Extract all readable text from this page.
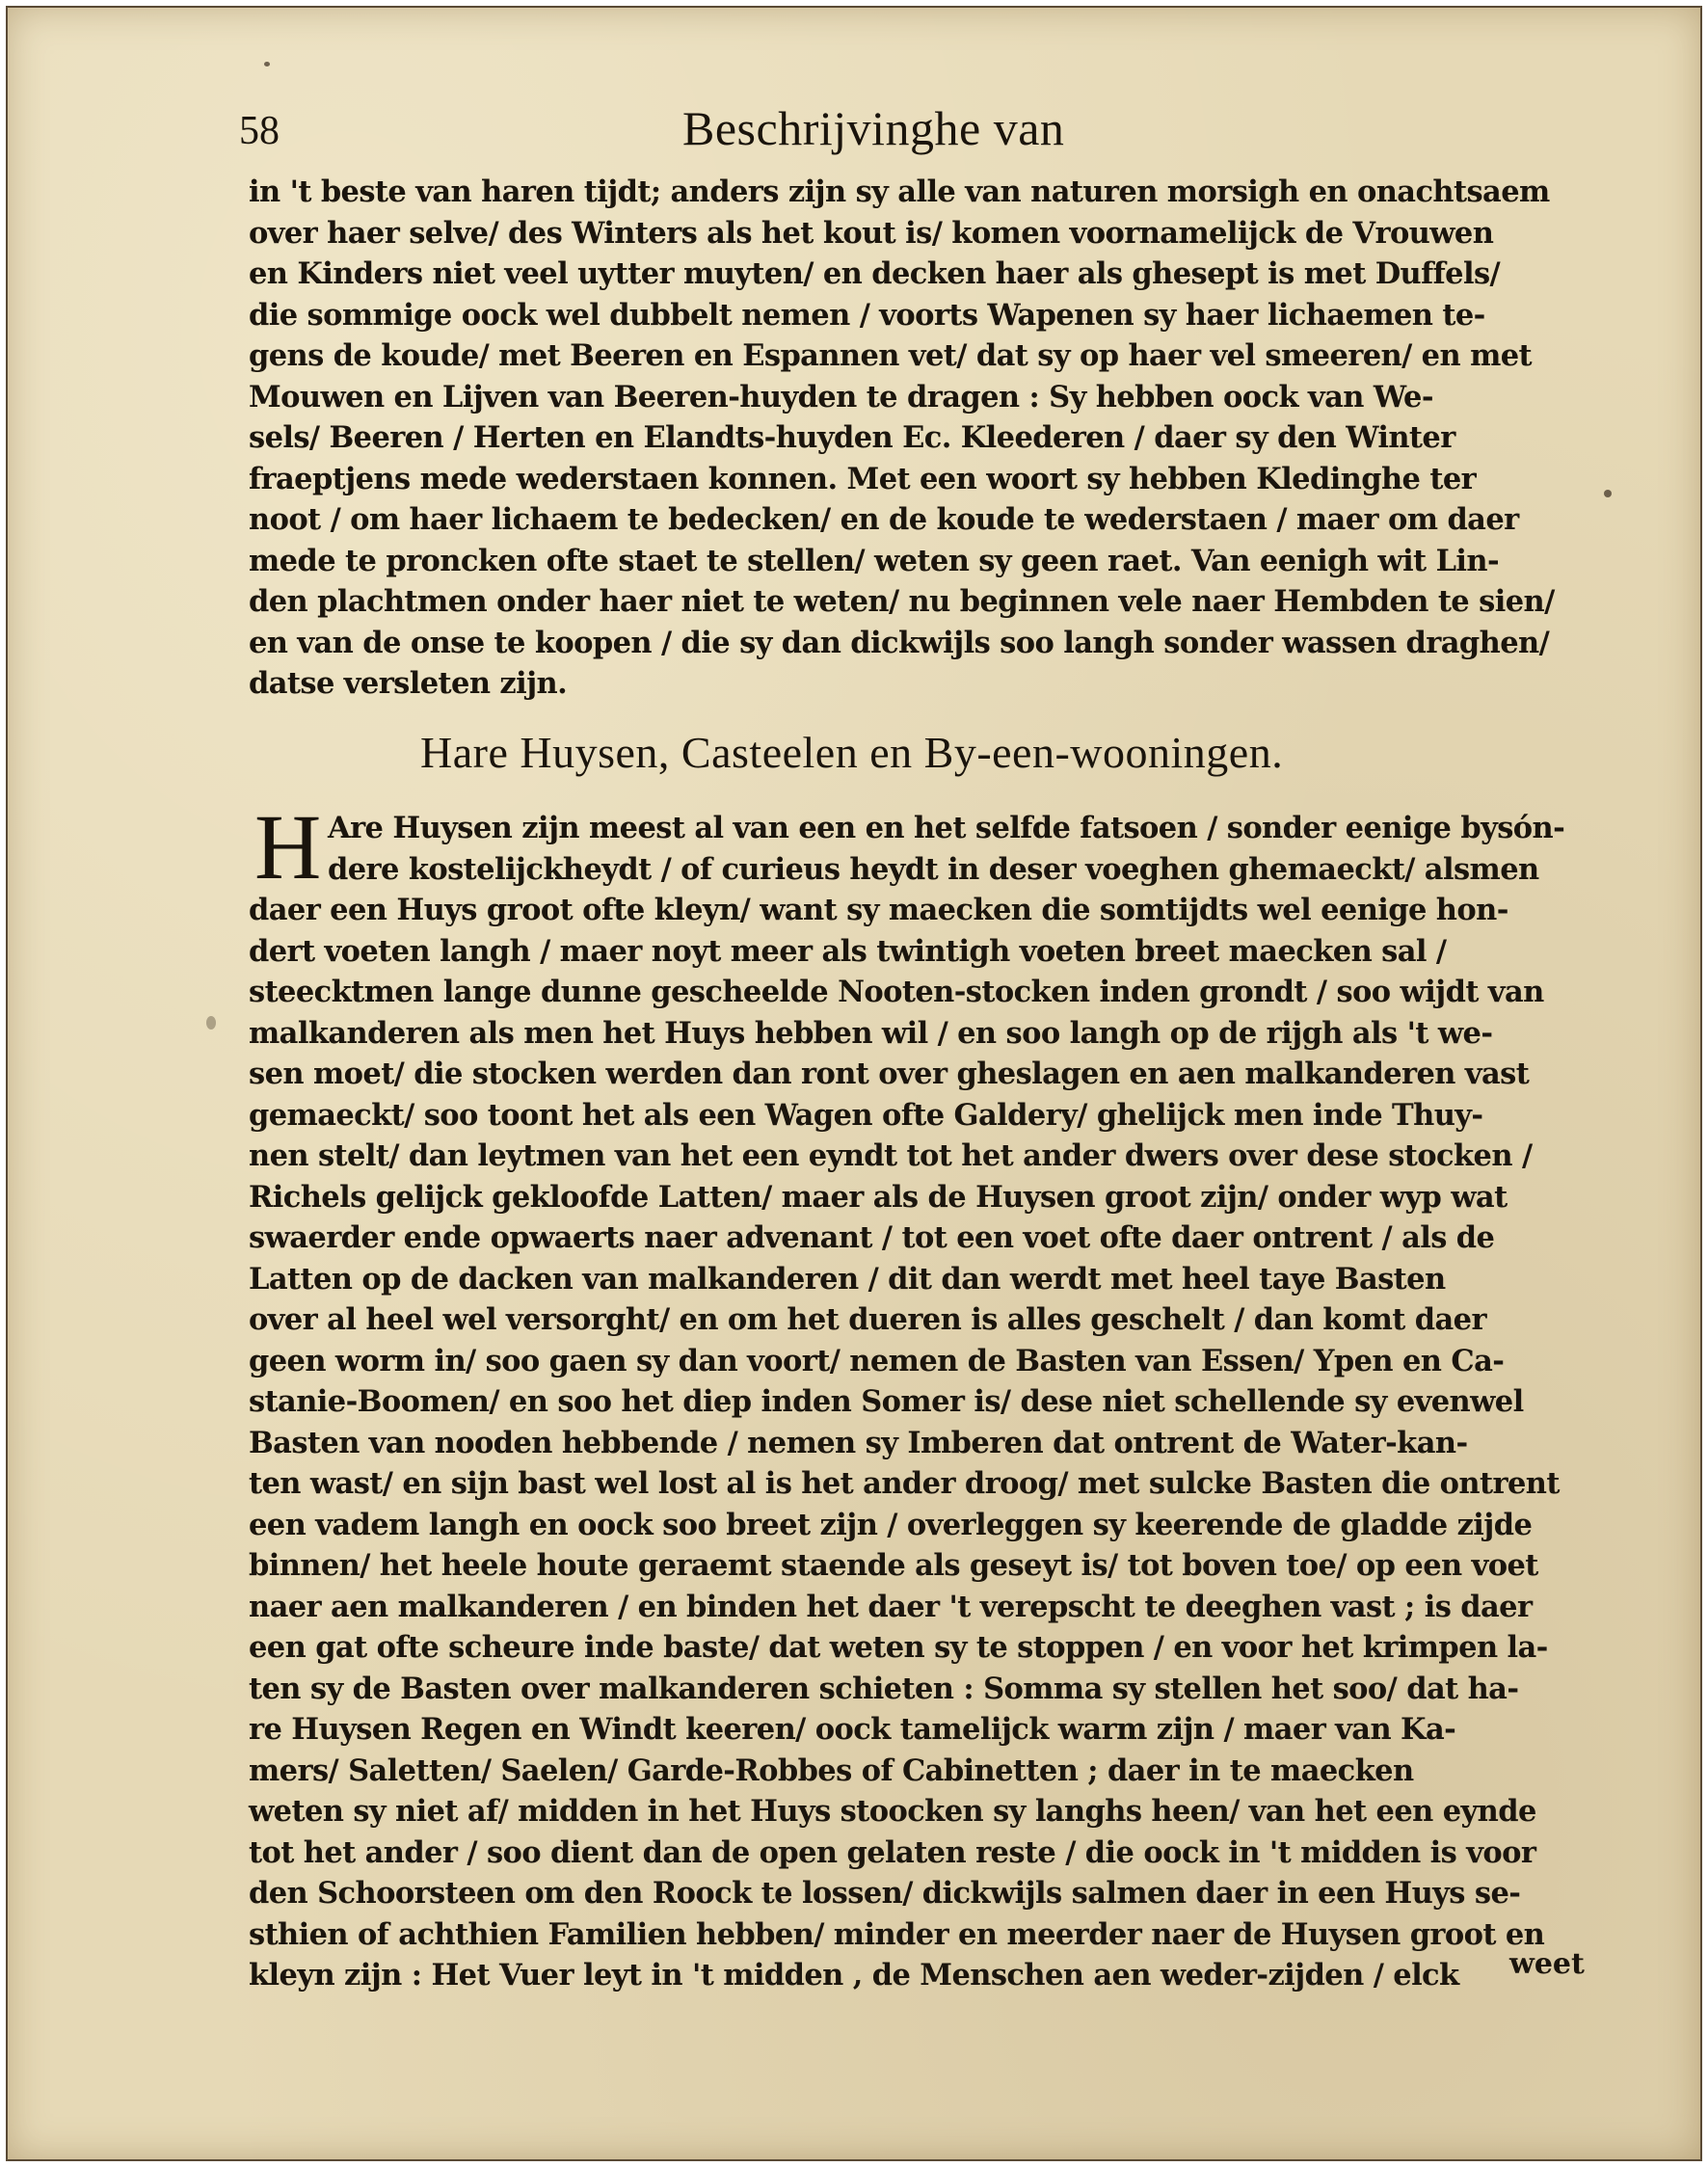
58	Beschrijvinghe van
in 't beste van haren tijdt; anders zijn sy alle van naturen morsigh en onachtsaem
over haer selve/ des Winters als het kout is/ komen voornamelijck de Vrouwen
en Kinders niet veel uytter muyten/ en decken haer als ghesept is met Duffels/
die sommige oock wel dubbelt nemen / voorts Wapenen sy haer lichaemen te-
gens de koude/ met Beeren en Espannen vet/ dat sy op haer vel smeeren/ en met
Mouwen en Lijven van Beeren-huyden te dragen : Sy hebben oock van We-
sels/ Beeren / Herten en Elandts-huyden Ec. Kleederen / daer sy den Winter
fraeptjens mede wederstaen konnen. Met een woort sy hebben Kledinghe ter
noot / om haer lichaem te bedecken/ en de koude te wederstaen / maer om daer
mede te proncken ofte staet te stellen/ weten sy geen raet. Van eenigh wit Lin-
den plachtmen onder haer niet te weten/ nu beginnen vele naer Hembden te sien/
en van de onse te koopen / die sy dan dickwijls soo langh sonder wassen draghen/
datse versleten zijn.
Hare Huysen, Casteelen en By-een-wooningen.
H Are Huysen zijn meest al van een en het selfde fatsoen / sonder eenige bysón-
dere kostelijckheydt / of curieus heydt in deser voeghen ghemaeckt/ alsmen
daer een Huys groot ofte kleyn/ want sy maecken die somtijdts wel eenige hon-
dert voeten langh / maer noyt meer als twintigh voeten breet maecken sal /
steecktmen lange dunne gescheelde Nooten-stocken inden grondt / soo wijdt van
malkanderen als men het Huys hebben wil / en soo langh op de rijgh als 't we-
sen moet/ die stocken werden dan ront over gheslagen en aen malkanderen vast
gemaeckt/ soo toont het als een Wagen ofte Galdery/ ghelijck men inde Thuy-
nen stelt/ dan leytmen van het een eyndt tot het ander dwers over dese stocken /
Richels gelijck gekloofde Latten/ maer als de Huysen groot zijn/ onder wyp wat
swaerder ende opwaerts naer advenant / tot een voet ofte daer ontrent / als de
Latten op de dacken van malkanderen / dit dan werdt met heel taye Basten
over al heel wel versorght/ en om het dueren is alles geschelt / dan komt daer
geen worm in/ soo gaen sy dan voort/ nemen de Basten van Essen/ Ypen en Ca-
stanie-Boomen/ en soo het diep inden Somer is/ dese niet schellende sy evenwel
Basten van nooden hebbende / nemen sy Imberen dat ontrent de Water-kan-
ten wast/ en sijn bast wel lost al is het ander droog/ met sulcke Basten die ontrent
een vadem langh en oock soo breet zijn / overleggen sy keerende de gladde zijde
binnen/ het heele houte geraemt staende als geseyt is/ tot boven toe/ op een voet
naer aen malkanderen / en binden het daer 't verepscht te deeghen vast ; is daer
een gat ofte scheure inde baste/ dat weten sy te stoppen / en voor het krimpen la-
ten sy de Basten over malkanderen schieten : Somma sy stellen het soo/ dat ha-
re Huysen Regen en Windt keeren/ oock tamelijck warm zijn / maer van Ka-
mers/ Saletten/ Saelen/ Garde-Robbes of Cabinetten ; daer in te maecken
weten sy niet af/ midden in het Huys stoocken sy langhs heen/ van het een eynde
tot het ander / soo dient dan de open gelaten reste / die oock in 't midden is voor
den Schoorsteen om den Roock te lossen/ dickwijls salmen daer in een Huys se-
sthien of achthien Familien hebben/ minder en meerder naer de Huysen groot en
kleyn zijn : Het Vuer leyt in 't midden , de Menschen aen weder-zijden / elck	weet
